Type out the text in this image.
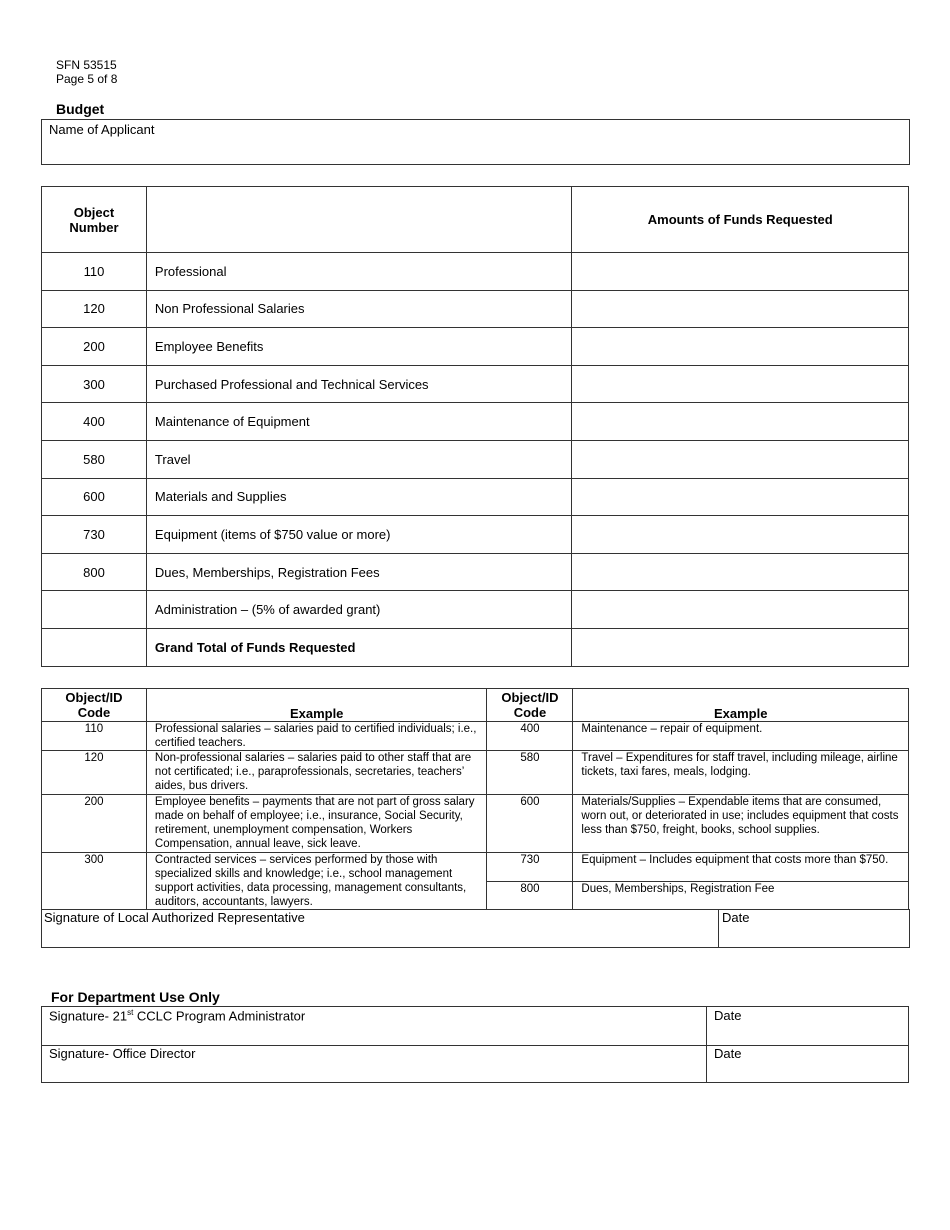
SFN 53515
Page 5 of 8
Budget
Name of Applicant
Object Number		Amounts of Funds Requested
110	Professional	
120	Non Professional Salaries	
200	Employee Benefits	
300	Purchased Professional and Technical Services	
400	Maintenance of Equipment	
580	Travel	
600	Materials and Supplies	
730	Equipment (items of $750 value or more)	
800	Dues, Memberships, Registration Fees	
	Administration – (5% of awarded grant)	
	Grand Total of Funds Requested	
Object/ID Code	Example	Object/ID Code	Example
110	Professional salaries – salaries paid to certified individuals; i.e., certified teachers.	400	Maintenance – repair of equipment.
120	Non-professional salaries – salaries paid to other staff that are not certificated; i.e., paraprofessionals, secretaries, teachers’ aides, bus drivers.	580	Travel – Expenditures for staff travel, including mileage, airline tickets, taxi fares, meals, lodging.
200	Employee benefits – payments that are not part of gross salary made on behalf of employee; i.e., insurance, Social Security, retirement, unemployment compensation, Workers Compensation, annual leave, sick leave.	600	Materials/Supplies – Expendable items that are consumed, worn out, or deteriorated in use; includes equipment that costs less than $750, freight, books, school supplies.
300	Contracted services – services performed by those with specialized skills and knowledge; i.e., school management support activities, data processing, management consultants, auditors, accountants, lawyers.	730	Equipment – Includes equipment that costs more than $750.
		800	Dues, Memberships, Registration Fee
Signature of Local Authorized Representative	Date
For Department Use Only
Signature- 21st CCLC Program Administrator	Date
Signature- Office Director	Date
